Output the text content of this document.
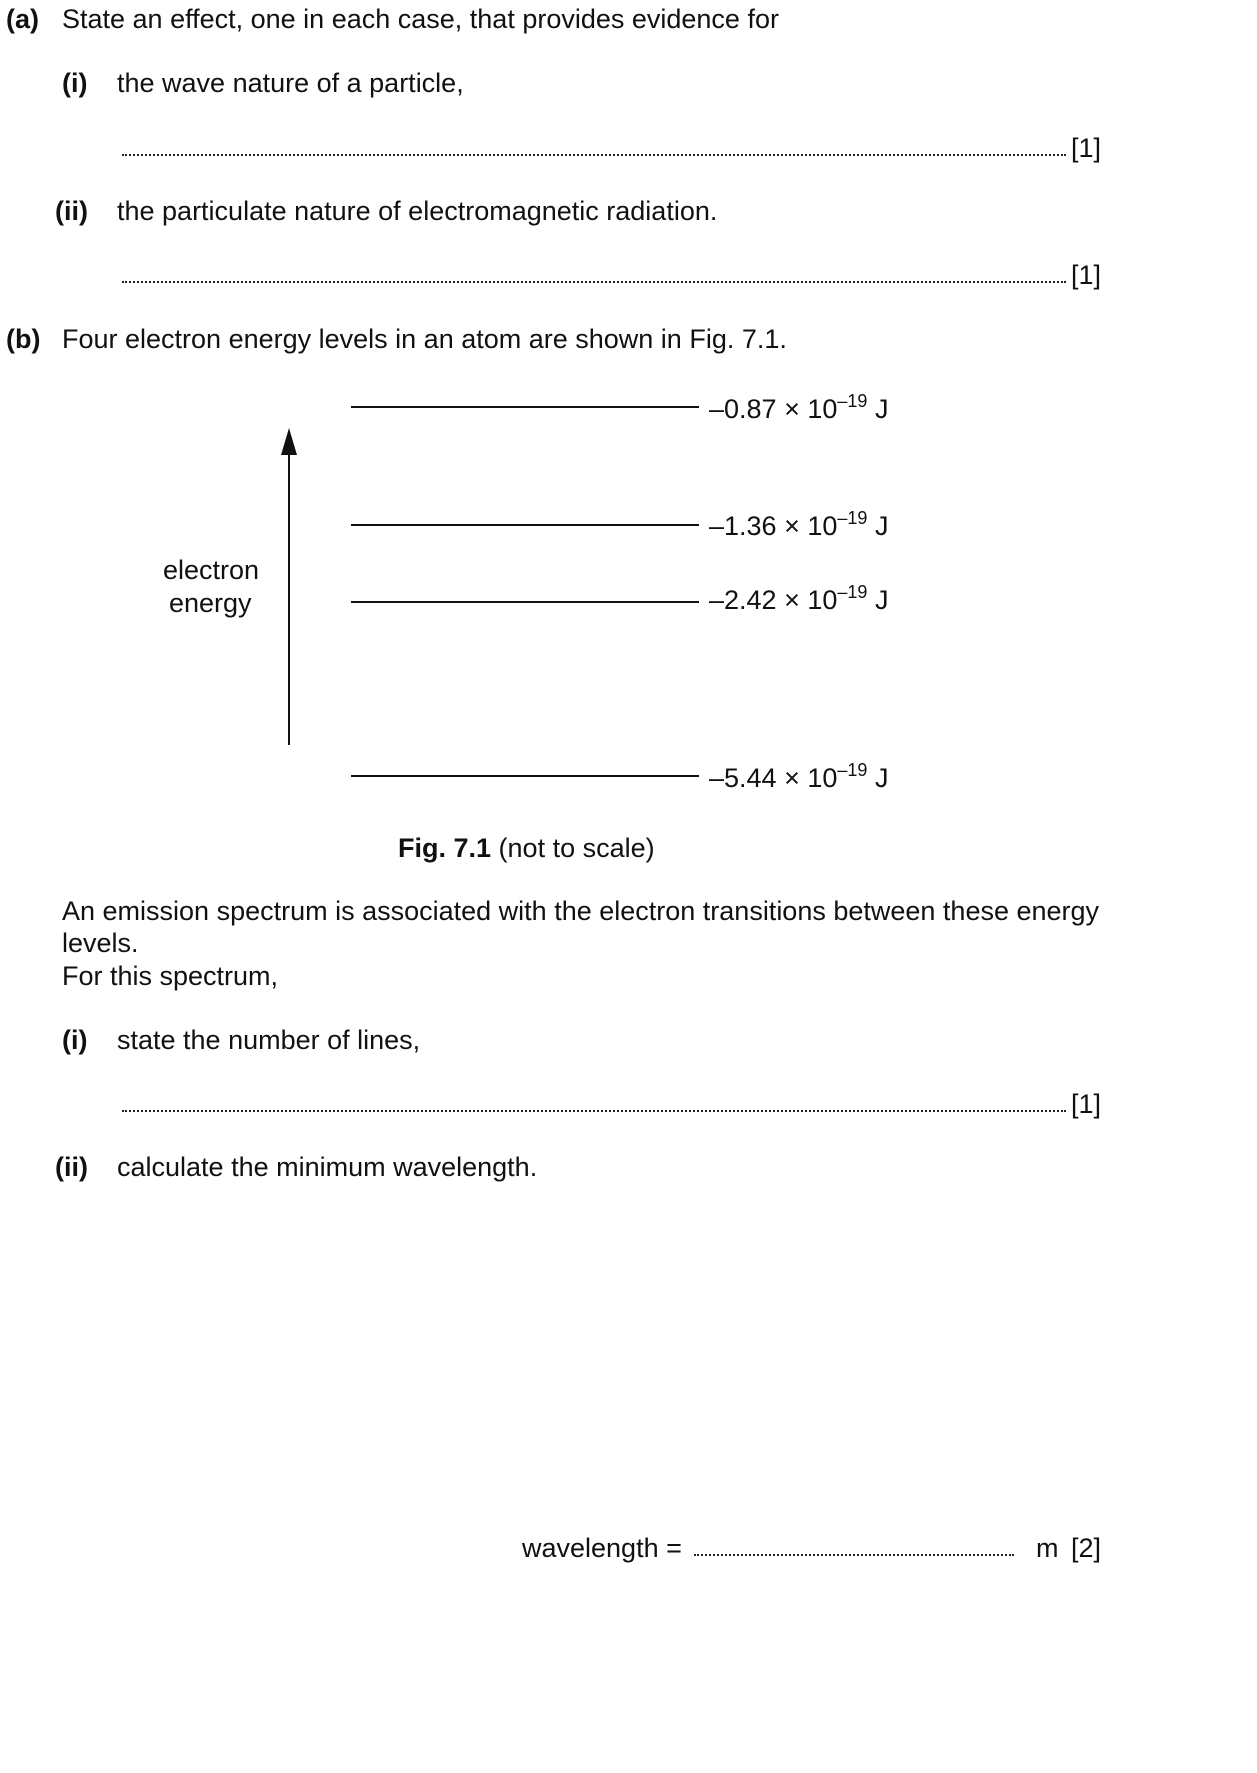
(a) State an effect, one in each case, that provides evidence for
(i) the wave nature of a particle,
[1]
(ii) the particulate nature of electromagnetic radiation.
[1]
(b) Four electron energy levels in an atom are shown in Fig. 7.1.
electron
energy
$-0.87 \times 10^{-19}$ J
$-1.36 \times 10^{-19}$ J
$-2.42 \times 10^{-19}$ J
$-5.44 \times 10^{-19}$ J
Fig. 7.1 (not to scale)
An emission spectrum is associated with the electron transitions between these energy
levels.
For this spectrum,
(i) state the number of lines,
[1]
(ii) calculate the minimum wavelength.
wavelength =	m [2]
